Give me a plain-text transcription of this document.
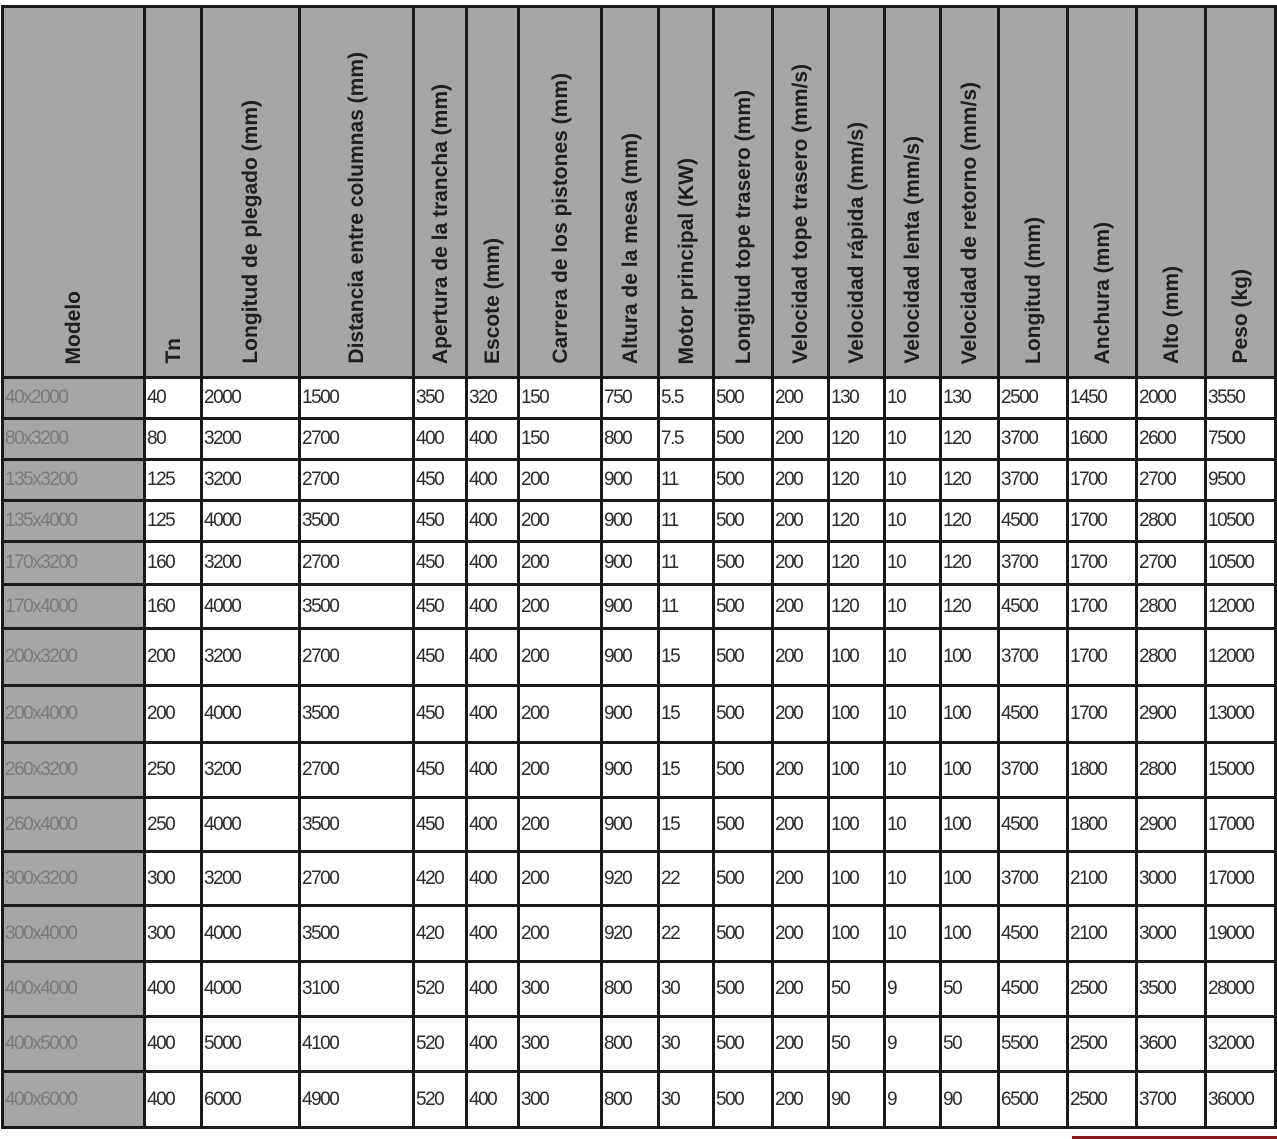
Modelo	Tn	Longitud de plegado (mm)	Distancia entre columnas (mm)	Apertura de la trancha (mm)	Escote (mm)	Carrera de los pistones (mm)	Altura de la mesa (mm)	Motor principal (KW)	Longitud tope trasero (mm)	Velocidad tope trasero (mm/s)	Velocidad rápida (mm/s)	Velocidad lenta (mm/s)	Velocidad de retorno (mm/s)	Longitud (mm)	Anchura (mm)	Alto (mm)	Peso (kg)

40x2000	40	2000	1500	350	320	150	750	5.5	500	200	130	10	130	2500	1450	2000	3550
80x3200	80	3200	2700	400	400	150	800	7.5	500	200	120	10	120	3700	1600	2600	7500
135x3200	125	3200	2700	450	400	200	900	11	500	200	120	10	120	3700	1700	2700	9500
135x4000	125	4000	3500	450	400	200	900	11	500	200	120	10	120	4500	1700	2800	10500
170x3200	160	3200	2700	450	400	200	900	11	500	200	120	10	120	3700	1700	2700	10500
170x4000	160	4000	3500	450	400	200	900	11	500	200	120	10	120	4500	1700	2800	12000
200x3200	200	3200	2700	450	400	200	900	15	500	200	100	10	100	3700	1700	2800	12000
200x4000	200	4000	3500	450	400	200	900	15	500	200	100	10	100	4500	1700	2900	13000
260x3200	250	3200	2700	450	400	200	900	15	500	200	100	10	100	3700	1800	2800	15000
260x4000	250	4000	3500	450	400	200	900	15	500	200	100	10	100	4500	1800	2900	17000
300x3200	300	3200	2700	420	400	200	920	22	500	200	100	10	100	3700	2100	3000	17000
300x4000	300	4000	3500	420	400	200	920	22	500	200	100	10	100	4500	2100	3000	19000
400x4000	400	4000	3100	520	400	300	800	30	500	200	50	9	50	4500	2500	3500	28000
400x5000	400	5000	4100	520	400	300	800	30	500	200	50	9	50	5500	2500	3600	32000
400x6000	400	6000	4900	520	400	300	800	30	500	200	90	9	90	6500	2500	3700	36000
